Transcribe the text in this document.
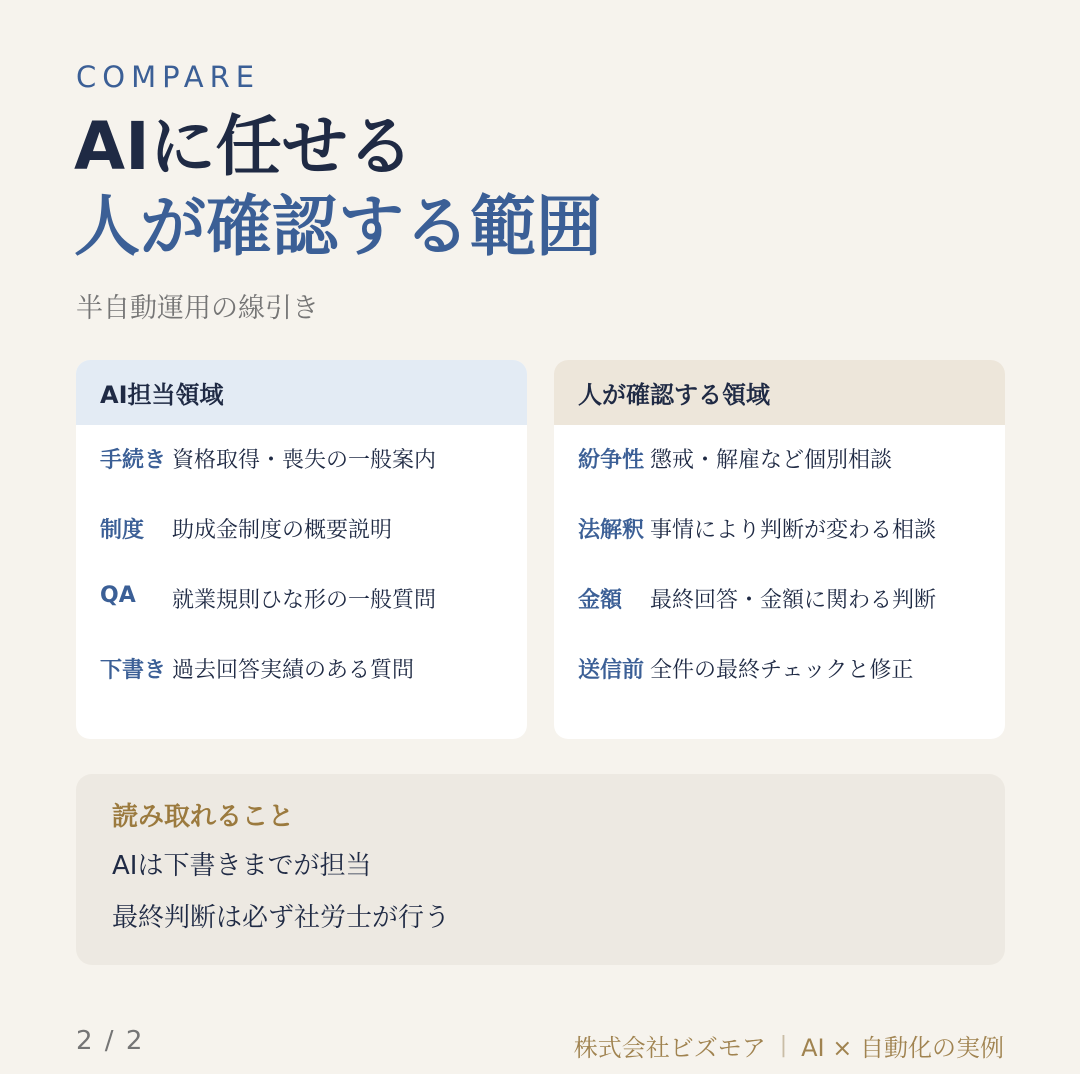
COMPARE
AIに任せる
人が確認する範囲
半自動運用の線引き
AI担当領域
手続き 資格取得・喪失の一般案内
制度	助成金制度の概要説明
QA	就業規則ひな形の一般質問
下書き 過去回答実績のある質問
人が確認する領域
紛争性 懲戒・解雇など個別相談
法解釈 事情により判断が変わる相談
金額	最終回答・金額に関わる判断
送信前 全件の最終チェックと修正
読み取れること
AIは下書きまでが担当
最終判断は必ず社労士が行う
2 / 2	株式会社ビズモア | AI × 自動化の実例
